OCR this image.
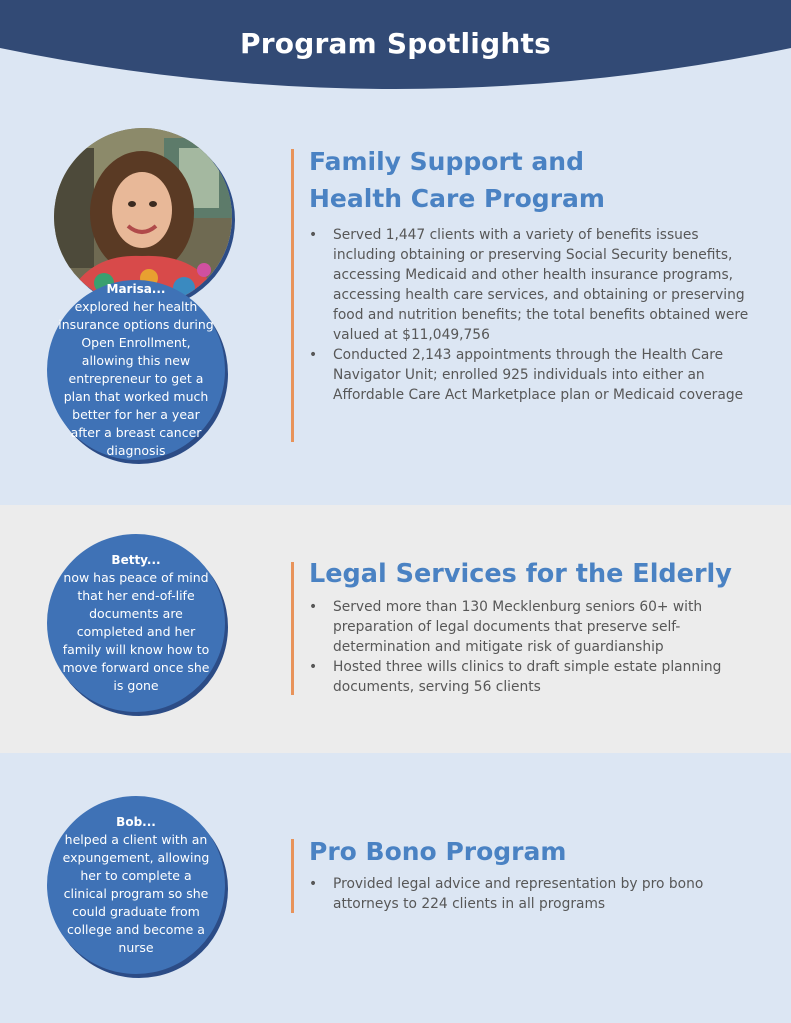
Program Spotlights
Marisa...
explored her health insurance options during Open Enrollment, allowing this new entrepreneur to get a plan that worked much better for her a year after a breast cancer diagnosis
Betty...
now has peace of mind that her end-of-life documents are completed and her family will know how to move forward once she is gone
Bob...
helped a client with an expungement, allowing her to complete a clinical program so she could graduate from college and become a nurse
Family Support and
Health Care Program
• Served 1,447 clients with a variety of benefits issues including obtaining or preserving Social Security benefits, accessing Medicaid and other health insurance programs, accessing health care services, and obtaining or preserving food and nutrition benefits; the total benefits obtained were valued at $11,049,756
• Conducted 2,143 appointments through the Health Care Navigator Unit; enrolled 925 individuals into either an Affordable Care Act Marketplace plan or Medicaid coverage
Legal Services for the Elderly
• Served more than 130 Mecklenburg seniors 60+ with preparation of legal documents that preserve self-determination and mitigate risk of guardianship
• Hosted three wills clinics to draft simple estate planning documents, serving 56 clients
Pro Bono Program
• Provided legal advice and representation by pro bono attorneys to 224 clients in all programs
